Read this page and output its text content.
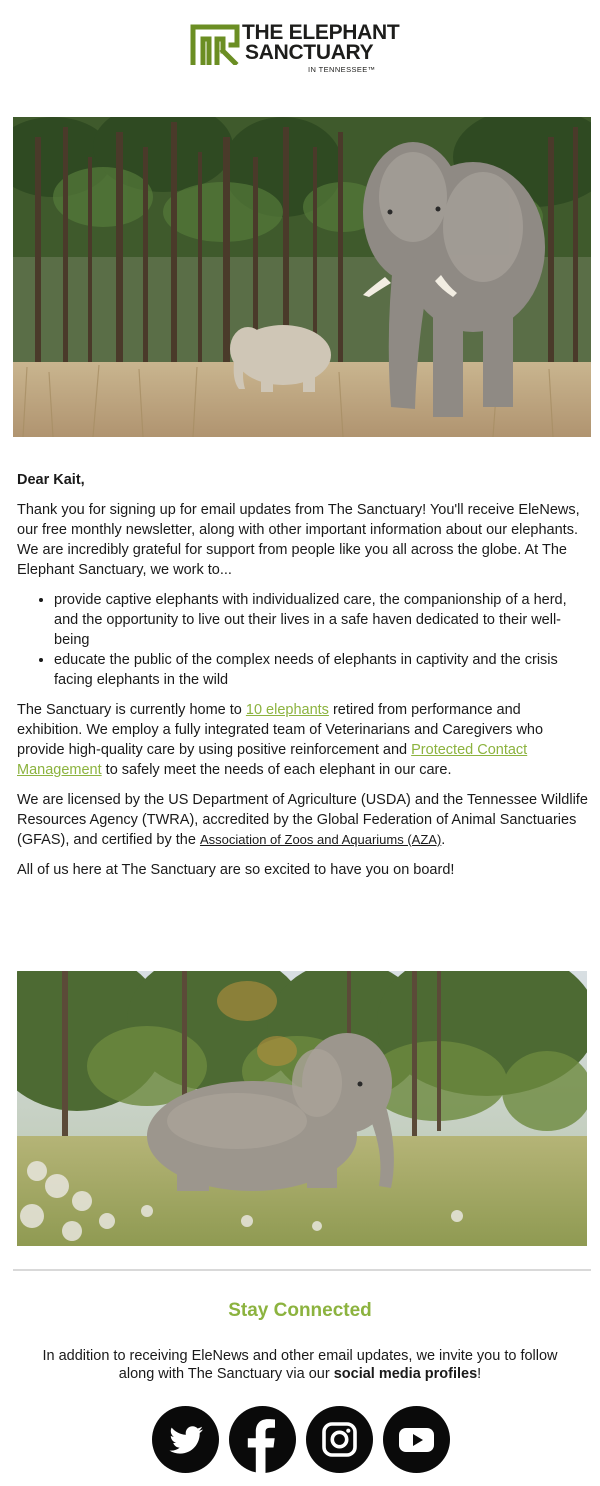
THE ELEPHANT
SANCTUARY
IN TENNESSEE™

Dear Kait,

Thank you for signing up for email updates from The Sanctuary! You'll receive EleNews, our free monthly newsletter, along with other important information about our elephants. We are incredibly grateful for support from people like you all across the globe. At The Elephant Sanctuary, we work to...

• provide captive elephants with individualized care, the companionship of a herd, and the opportunity to live out their lives in a safe haven dedicated to their well-being
• educate the public of the complex needs of elephants in captivity and the crisis facing elephants in the wild

The Sanctuary is currently home to 10 elephants retired from performance and exhibition. We employ a fully integrated team of Veterinarians and Caregivers who provide high-quality care by using positive reinforcement and Protected Contact Management to safely meet the needs of each elephant in our care.

We are licensed by the US Department of Agriculture (USDA) and the Tennessee Wildlife Resources Agency (TWRA), accredited by the Global Federation of Animal Sanctuaries (GFAS), and certified by the Association of Zoos and Aquariums (AZA).

All of us here at The Sanctuary are so excited to have you on board!

Stay Connected
In addition to receiving EleNews and other email updates, we invite you to follow along with The Sanctuary via our social media profiles!
